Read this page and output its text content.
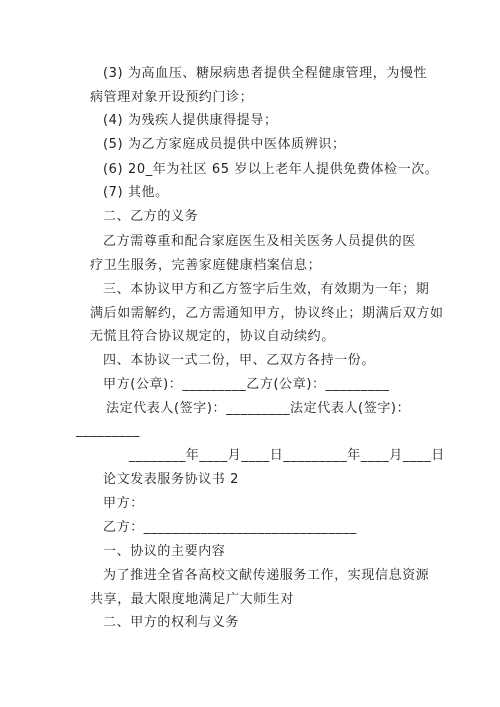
(3) 为高血压、糖尿病患者提供全程健康管理，为慢性
病管理对象开设预约门诊；
(4) 为残疾人提供康得提导；
(5) 为乙方家庭成员提供中医体质辨识；
(6) 20_年为社区 65 岁以上老年人提供免费体检一次。
(7) 其他。
二、乙方的义务
乙方需尊重和配合家庭医生及相关医务人员提供的医
疗卫生服务，完善家庭健康档案信息；
三、本协议甲方和乙方签字后生效，有效期为一年；期
满后如需解约，乙方需通知甲方，协议终止；期满后双方如
无慌且符合协议规定的，协议自动续约。
四、本协议一式二份，甲、乙双方各持一份。
甲方(公章)：_________乙方(公章)：_________
法定代表人(签字)：_________法定代表人(签字)：
_________
________年____月____日_________年____月____日
论文发表服务协议书 2
甲方：
乙方：______________________________
一、协议的主要内容
为了推进全省各高校文献传递服务工作，实现信息资源
共享，最大限度地满足广大师生对
二、甲方的权利与义务
